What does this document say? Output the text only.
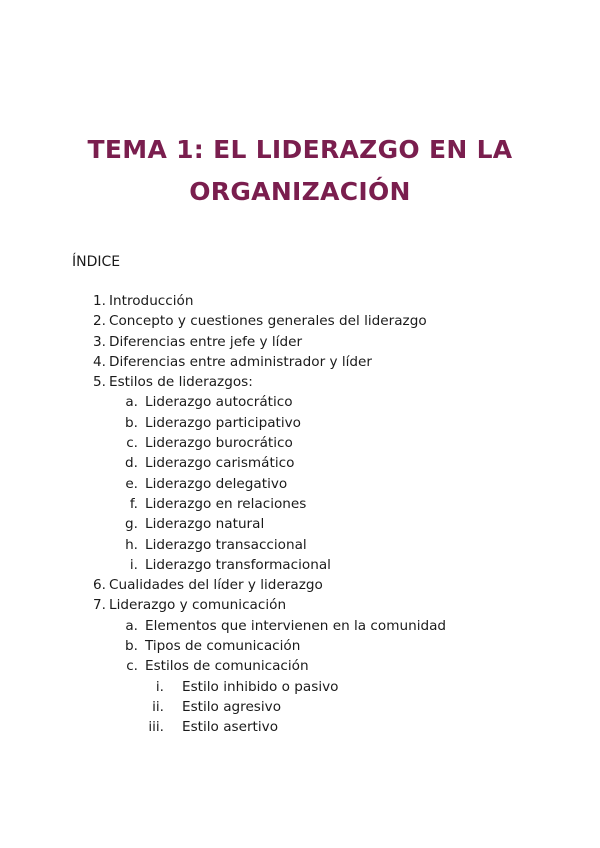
TEMA 1: EL LIDERAZGO EN LA
ORGANIZACIÓN
ÍNDICE
1. Introducción
2. Concepto y cuestiones generales del liderazgo
3. Diferencias entre jefe y líder
4. Diferencias entre administrador y líder
5. Estilos de liderazgos:
a. Liderazgo autocrático
b. Liderazgo participativo
c. Liderazgo burocrático
d. Liderazgo carismático
e. Liderazgo delegativo
f. Liderazgo en relaciones
g. Liderazgo natural
h. Liderazgo transaccional
i. Liderazgo transformacional
6. Cualidades del líder y liderazgo
7. Liderazgo y comunicación
a. Elementos que intervienen en la comunidad
b. Tipos de comunicación
c. Estilos de comunicación
i. Estilo inhibido o pasivo
ii. Estilo agresivo
iii. Estilo asertivo
